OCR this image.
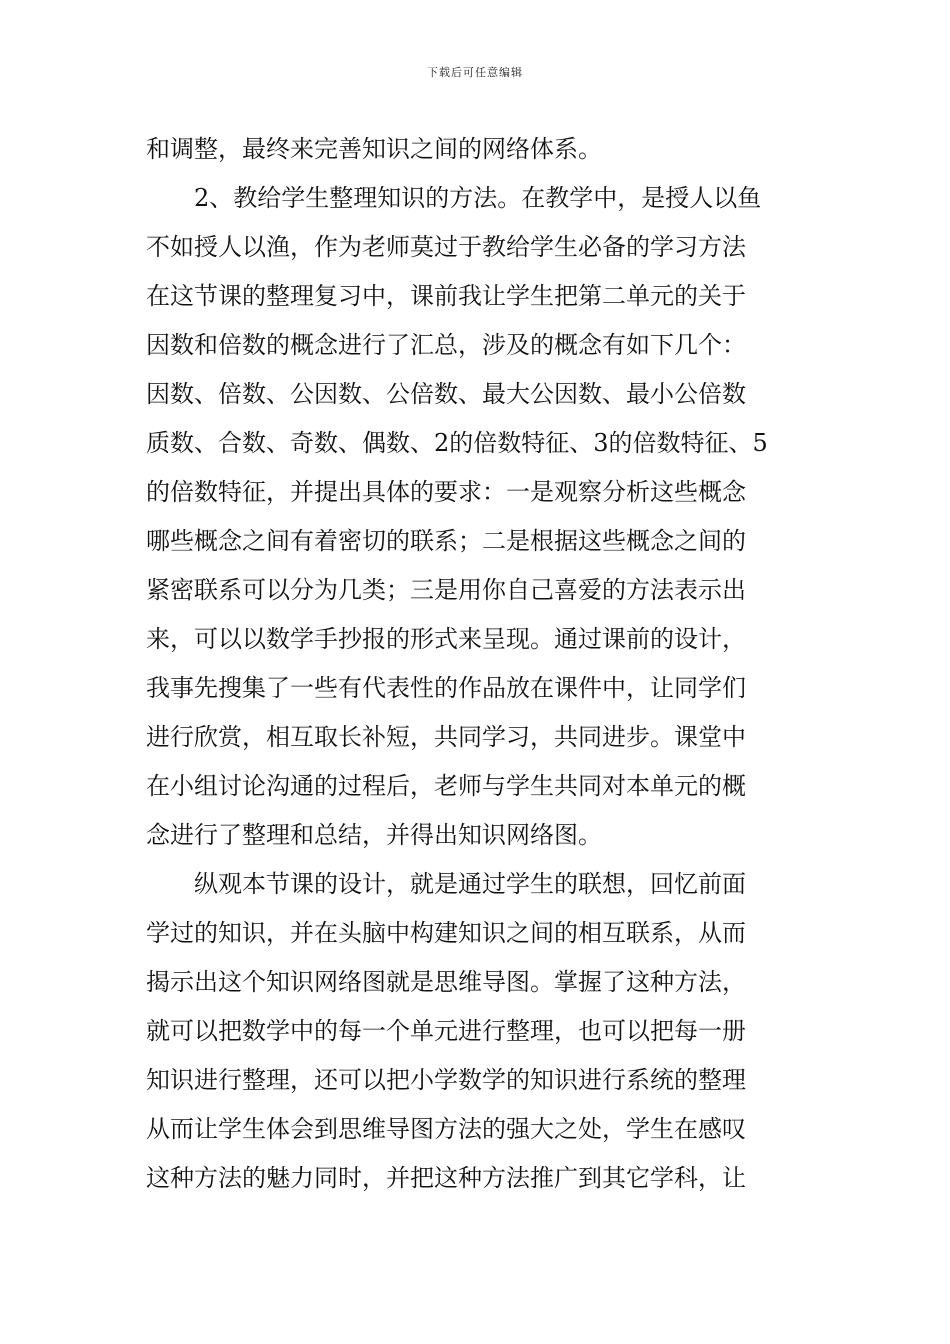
下载后可任意编辑
和调整，最终来完善知识之间的网络体系。
2、教给学生整理知识的方法。在教学中，是授人以鱼
不如授人以渔，作为老师莫过于教给学生必备的学习方法
在这节课的整理复习中，课前我让学生把第二单元的关于
因数和倍数的概念进行了汇总，涉及的概念有如下几个：
因数、倍数、公因数、公倍数、最大公因数、最小公倍数
质数、合数、奇数、偶数、2的倍数特征、3的倍数特征、5
的倍数特征，并提出具体的要求：一是观察分析这些概念
哪些概念之间有着密切的联系；二是根据这些概念之间的
紧密联系可以分为几类；三是用你自己喜爱的方法表示出
来，可以以数学手抄报的形式来呈现。通过课前的设计，
我事先搜集了一些有代表性的作品放在课件中，让同学们
进行欣赏，相互取长补短，共同学习，共同进步。课堂中
在小组讨论沟通的过程后，老师与学生共同对本单元的概
念进行了整理和总结，并得出知识网络图。
纵观本节课的设计，就是通过学生的联想，回忆前面
学过的知识，并在头脑中构建知识之间的相互联系，从而
揭示出这个知识网络图就是思维导图。掌握了这种方法，
就可以把数学中的每一个单元进行整理，也可以把每一册
知识进行整理，还可以把小学数学的知识进行系统的整理
从而让学生体会到思维导图方法的强大之处，学生在感叹
这种方法的魅力同时，并把这种方法推广到其它学科，让
